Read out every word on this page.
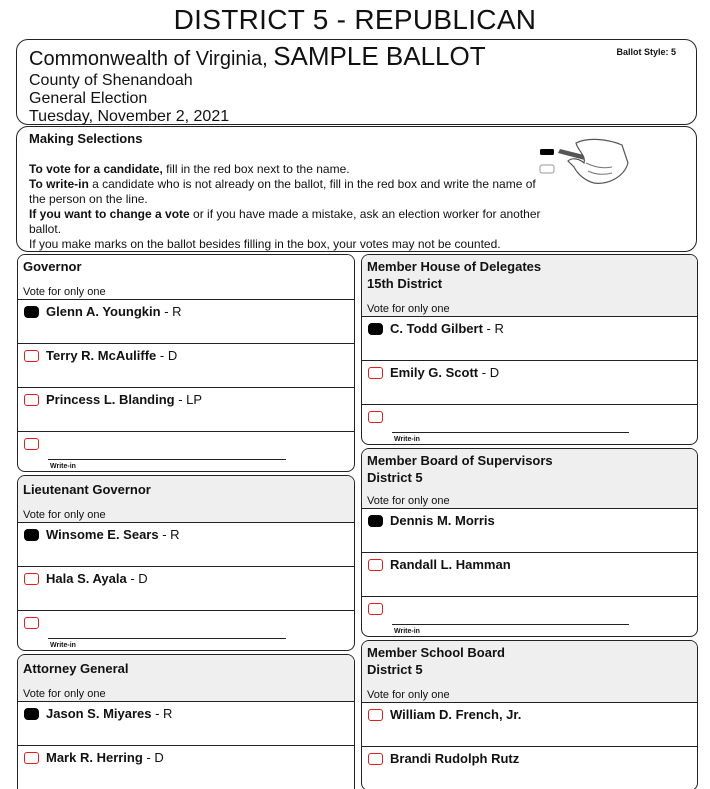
DISTRICT 5 - REPUBLICAN
Commonwealth of Virginia, SAMPLE BALLOT	Ballot Style: 5
County of Shenandoah
General Election
Tuesday, November 2, 2021
Making Selections

To vote for a candidate, fill in the red box next to the name.

To write-in a candidate who is not already on the ballot, fill in the red box and write the name of the person on the line.

If you want to change a vote or if you have made a mistake, ask an election worker for another ballot.

If you make marks on the ballot besides filling in the box, your votes may not be counted.

Governor
Vote for only one
Glenn A. Youngkin - R
Terry R. McAuliffe - D
Princess L. Blanding - LP
Write-in
Lieutenant Governor
Vote for only one
Winsome E. Sears - R
Hala S. Ayala - D
Write-in
Attorney General
Vote for only one
Jason S. Miyares - R
Mark R. Herring - D
Member House of Delegates
15th District
Vote for only one
C. Todd Gilbert - R
Emily G. Scott - D
Write-in
Member Board of Supervisors
District 5
Vote for only one
Dennis M. Morris
Randall L. Hamman
Write-in
Member School Board
District 5
Vote for only one
William D. French, Jr.
Brandi Rudolph Rutz
